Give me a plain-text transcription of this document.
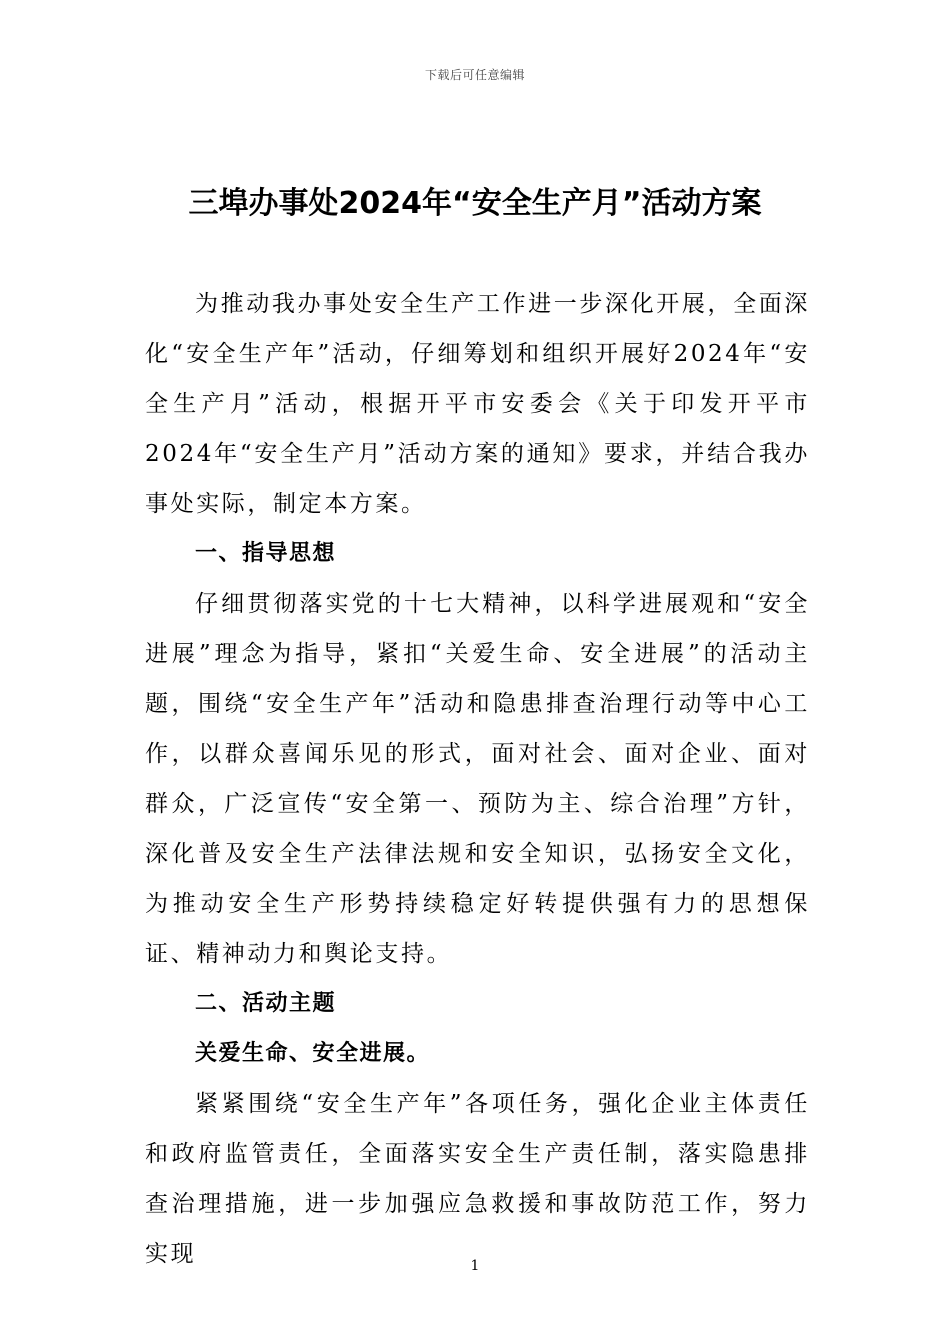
下载后可任意编辑
三埠办事处2024年“安全生产月”活动方案

为推动我办事处安全生产工作进一步深化开展，全面深化“安全生产年”活动，仔细筹划和组织开展好2024年“安全生产月”活动，根据开平市安委会《关于印发开平市2024年“安全生产月”活动方案的通知》要求，并结合我办事处实际，制定本方案。

一、指导思想

仔细贯彻落实党的十七大精神，以科学进展观和“安全进展”理念为指导，紧扣“关爱生命、安全进展”的活动主题，围绕“安全生产年”活动和隐患排查治理行动等中心工作，以群众喜闻乐见的形式，面对社会、面对企业、面对群众，广泛宣传“安全第一、预防为主、综合治理”方针，深化普及安全生产法律法规和安全知识，弘扬安全文化，为推动安全生产形势持续稳定好转提供强有力的思想保证、精神动力和舆论支持。

二、活动主题

关爱生命、安全进展。

紧紧围绕“安全生产年”各项任务，强化企业主体责任和政府监管责任，全面落实安全生产责任制，落实隐患排查治理措施，进一步加强应急救援和事故防范工作，努力实现	1
